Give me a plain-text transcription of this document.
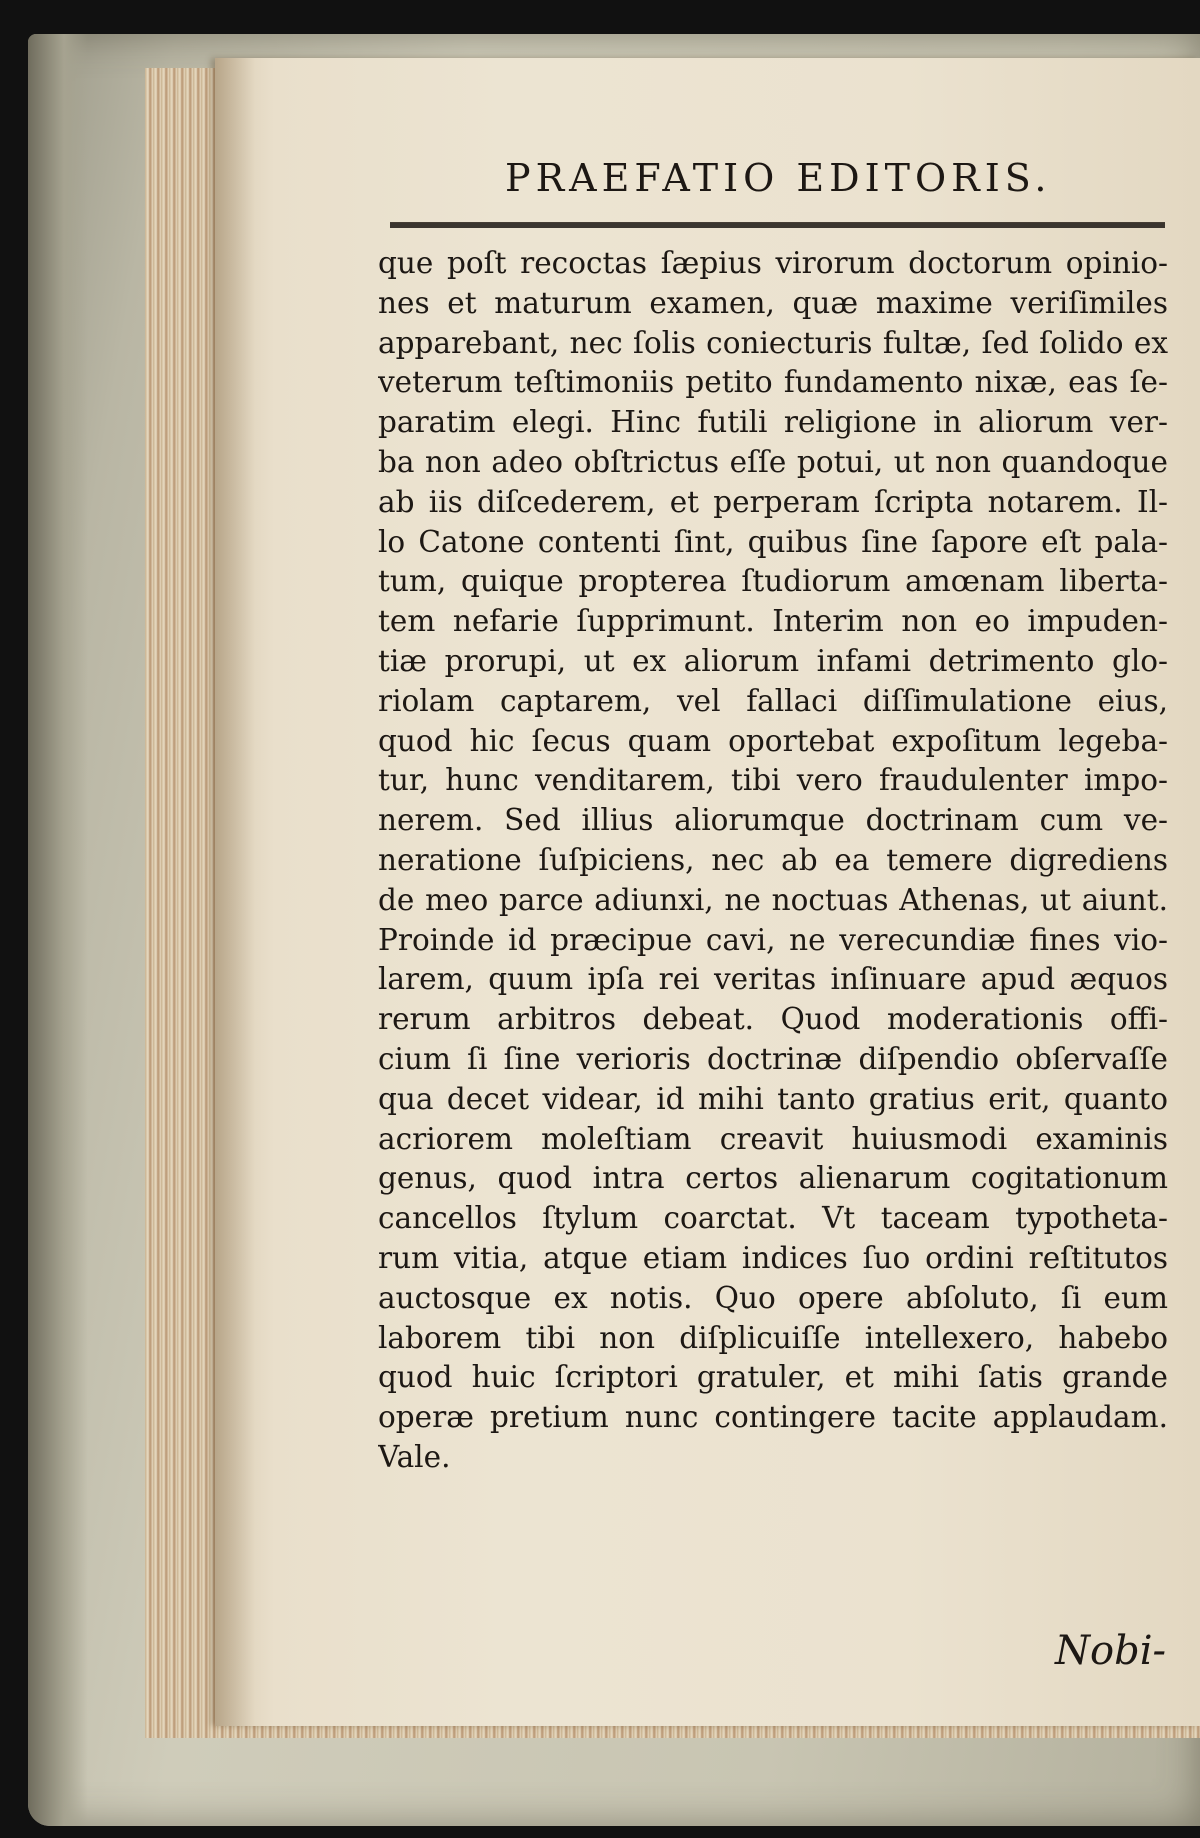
PRAEFATIO EDITORIS.
que poſt recoctas ſæpius virorum doctorum opinio-
nes et maturum examen, quæ maxime veriſimiles
apparebant, nec ſolis coniecturis fultæ, ſed ſolido ex
veterum teſtimoniis petito fundamento nixæ, eas ſe-
paratim elegi. Hinc futili religione in aliorum ver-
ba non adeo obſtrictus eſſe potui, ut non quandoque
ab iis diſcederem, et perperam ſcripta notarem. Il-
lo Catone contenti ſint, quibus ſine ſapore eſt pala-
tum, quique propterea ſtudiorum amœnam liberta-
tem nefarie ſupprimunt. Interim non eo impuden-
tiæ prorupi, ut ex aliorum infami detrimento glo-
riolam captarem, vel fallaci diſſimulatione eius,
quod hic ſecus quam oportebat expoſitum legeba-
tur, hunc venditarem, tibi vero fraudulenter impo-
nerem. Sed illius aliorumque doctrinam cum ve-
neratione ſuſpiciens, nec ab ea temere digrediens
de meo parce adiunxi, ne noctuas Athenas, ut aiunt.
Proinde id præcipue cavi, ne verecundiæ fines vio-
larem, quum ipſa rei veritas inſinuare apud æquos
rerum arbitros debeat. Quod moderationis offi-
cium ſi ſine verioris doctrinæ diſpendio obſervaſſe
qua decet videar, id mihi tanto gratius erit, quanto
acriorem moleſtiam creavit huiusmodi examinis
genus, quod intra certos alienarum cogitationum
cancellos ſtylum coarctat. Vt taceam typotheta-
rum vitia, atque etiam indices ſuo ordini reſtitutos
auctosque ex notis. Quo opere abſoluto, ſi eum
laborem tibi non diſplicuiſſe intellexero, habebo
quod huic ſcriptori gratuler, et mihi ſatis grande
operæ pretium nunc contingere tacite applaudam.
Vale.
Nobi-
